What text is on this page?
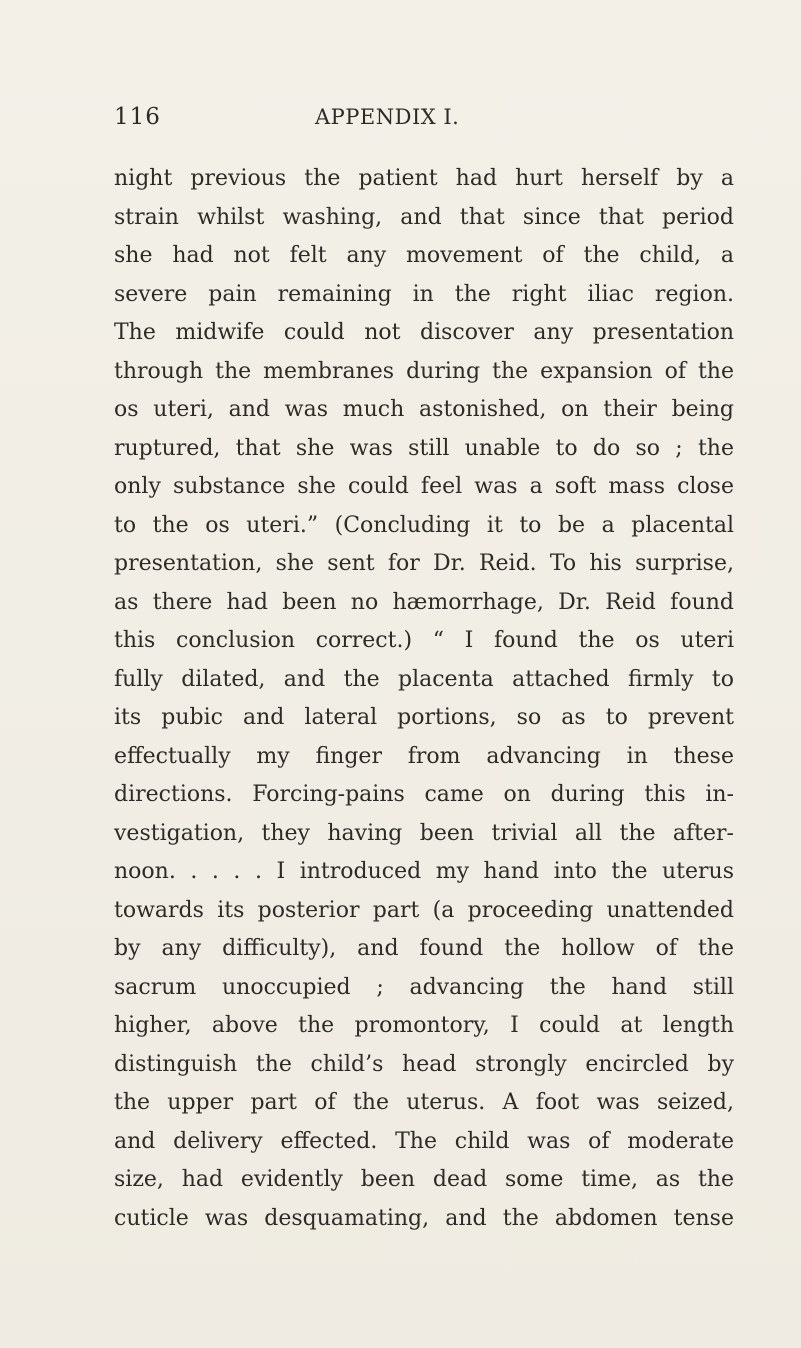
116	APPENDIX I.
night previous the patient had hurt herself by a
strain whilst washing, and that since that period
she had not felt any movement of the child, a
severe pain remaining in the right iliac region.
The midwife could not discover any presentation
through the membranes during the expansion of the
os uteri, and was much astonished, on their being
ruptured, that she was still unable to do so ; the
only substance she could feel was a soft mass close
to the os uteri.” (Concluding it to be a placental
presentation, she sent for Dr. Reid. To his surprise,
as there had been no hæmorrhage, Dr. Reid found
this conclusion correct.) “ I found the os uteri
fully dilated, and the placenta attached firmly to
its pubic and lateral portions, so as to prevent
effectually my finger from advancing in these
directions. Forcing-pains came on during this in-
vestigation, they having been trivial all the after-
noon. . . . . I introduced my hand into the uterus
towards its posterior part (a proceeding unattended
by any difficulty), and found the hollow of the
sacrum unoccupied ; advancing the hand still
higher, above the promontory, I could at length
distinguish the child’s head strongly encircled by
the upper part of the uterus. A foot was seized,
and delivery effected. The child was of moderate
size, had evidently been dead some time, as the
cuticle was desquamating, and the abdomen tense
